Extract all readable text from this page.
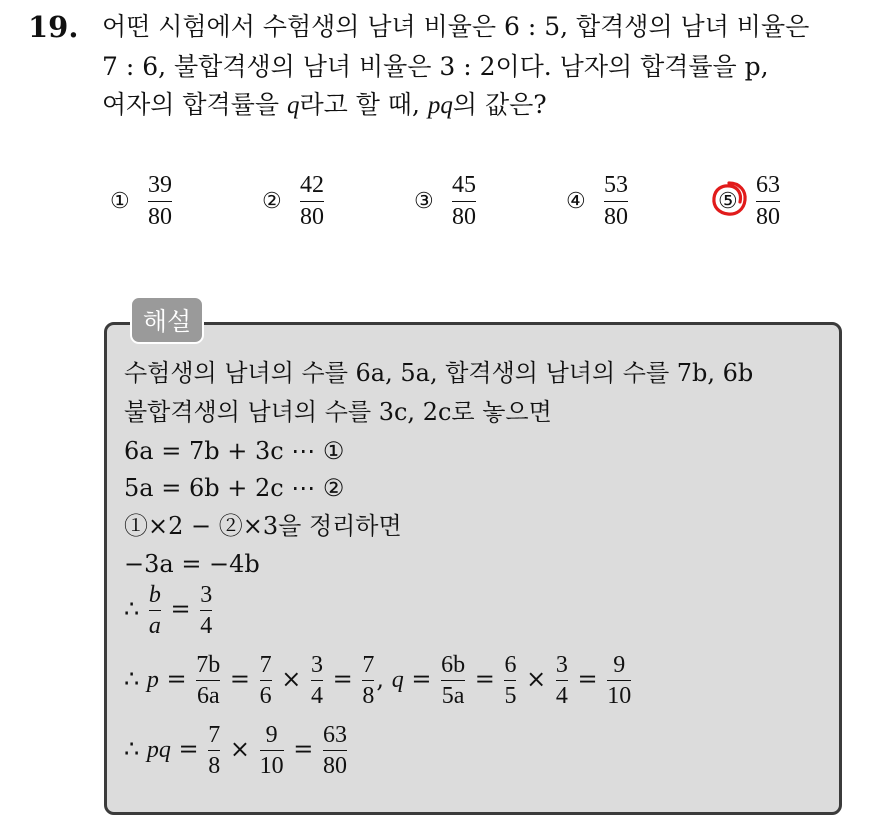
19. 어떤 시험에서 수험생의 남녀 비율은 6 : 5, 합격생의 남녀 비율은
7 : 6, 불합격생의 남녀 비율은 3 : 2이다. 남자의 합격률을 p,
여자의 합격률을 q라고 할 때, pq의 값은?
① $\frac{39}{80}$	② $\frac{42}{80}$	③ $\frac{45}{80}$	④ $\frac{53}{80}$	⑤ $\frac{63}{80}$
해설
수험생의 남녀의 수를 6a, 5a, 합격생의 남녀의 수를 7b, 6b
불합격생의 남녀의 수를 3c, 2c로 놓으면
6a = 7b + 3c ⋯ ①
5a = 6b + 2c ⋯ ②
①×2 − ②×3을 정리하면
−3a = −4b
∴ $\frac{b}{a} = \frac{3}{4}$
∴ $p = \frac{7b}{6a} = \frac{7}{6} \times \frac{3}{4} = \frac{7}{8}$ , $q = \frac{6b}{5a} = \frac{6}{5} \times \frac{3}{4} = \frac{9}{10}$
∴ pq = $\frac{7}{8} \times \frac{9}{10} = \frac{63}{80}$
